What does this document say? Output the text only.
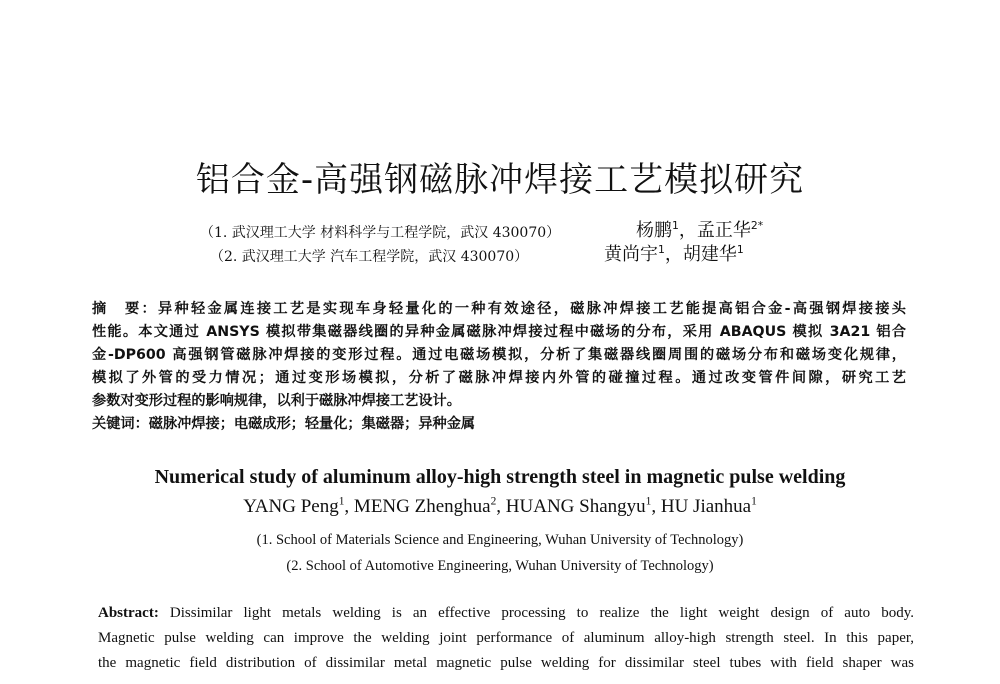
铝合金-高强钢磁脉冲焊接工艺模拟研究
（1. 武汉理工大学 材料科学与工程学院，武汉 430070）	杨鹏$^1$，孟正华$^{2*}$
（2. 武汉理工大学 汽车工程学院，武汉 430070）	黄尚宇$^1$，胡建华$^1$
摘　要：异种轻金属连接工艺是实现车身轻量化的一种有效途径，磁脉冲焊接工艺能提高铝合金-高强钢焊接接头
性能。本文通过 ANSYS 模拟带集磁器线圈的异种金属磁脉冲焊接过程中磁场的分布，采用 ABAQUS 模拟 3A21 铝合
金-DP600 高强钢管磁脉冲焊接的变形过程。通过电磁场模拟，分析了集磁器线圈周围的磁场分布和磁场变化规律，
模拟了外管的受力情况；通过变形场模拟，分析了磁脉冲焊接内外管的碰撞过程。通过改变管件间隙，研究工艺
参数对变形过程的影响规律，以利于磁脉冲焊接工艺设计。
关键词：磁脉冲焊接；电磁成形；轻量化；集磁器；异种金属
Numerical study of aluminum alloy-high strength steel in magnetic pulse welding
YANG Peng$^1$, MENG Zhenghua$^2$, HUANG Shangyu$^1$, HU Jianhua$^1$
(1. School of Materials Science and Engineering, Wuhan University of Technology)
(2. School of Automotive Engineering, Wuhan University of Technology)
Abstract: Dissimilar light metals welding is an effective processing to realize the light weight design of auto body.
Magnetic pulse welding can improve the welding joint performance of aluminum alloy-high strength steel. In this paper,
the magnetic field distribution of dissimilar metal magnetic pulse welding for dissimilar steel tubes with field shaper was
